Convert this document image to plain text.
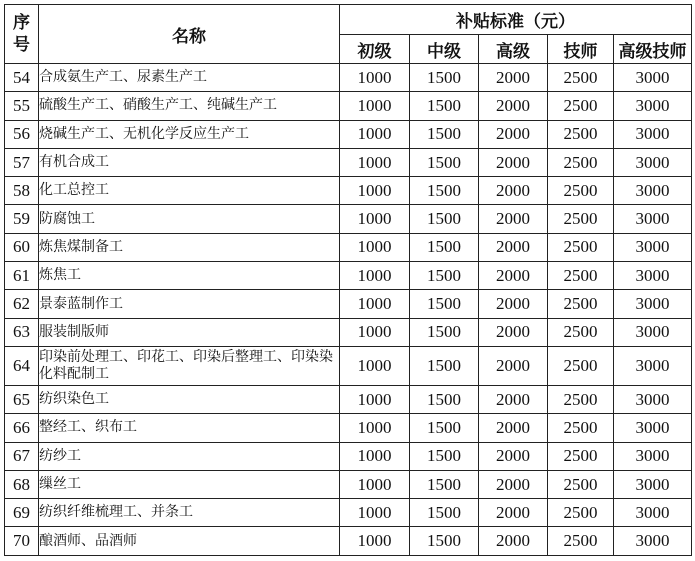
序号	名称	补贴标准（元）				
		初级	中级	高级	技师	高级技师
54	合成氨生产工、尿素生产工	1000	1500	2000	2500	3000
55	硫酸生产工、硝酸生产工、纯碱生产工	1000	1500	2000	2500	3000
56	烧碱生产工、无机化学反应生产工	1000	1500	2000	2500	3000
57	有机合成工	1000	1500	2000	2500	3000
58	化工总控工	1000	1500	2000	2500	3000
59	防腐蚀工	1000	1500	2000	2500	3000
60	炼焦煤制备工	1000	1500	2000	2500	3000
61	炼焦工	1000	1500	2000	2500	3000
62	景泰蓝制作工	1000	1500	2000	2500	3000
63	服装制版师	1000	1500	2000	2500	3000
64	印染前处理工、印花工、印染后整理工、印染染化料配制工	1000	1500	2000	2500	3000
65	纺织染色工	1000	1500	2000	2500	3000
66	整经工、织布工	1000	1500	2000	2500	3000
67	纺纱工	1000	1500	2000	2500	3000
68	缫丝工	1000	1500	2000	2500	3000
69	纺织纤维梳理工、并条工	1000	1500	2000	2500	3000
70	酿酒师、品酒师	1000	1500	2000	2500	3000
